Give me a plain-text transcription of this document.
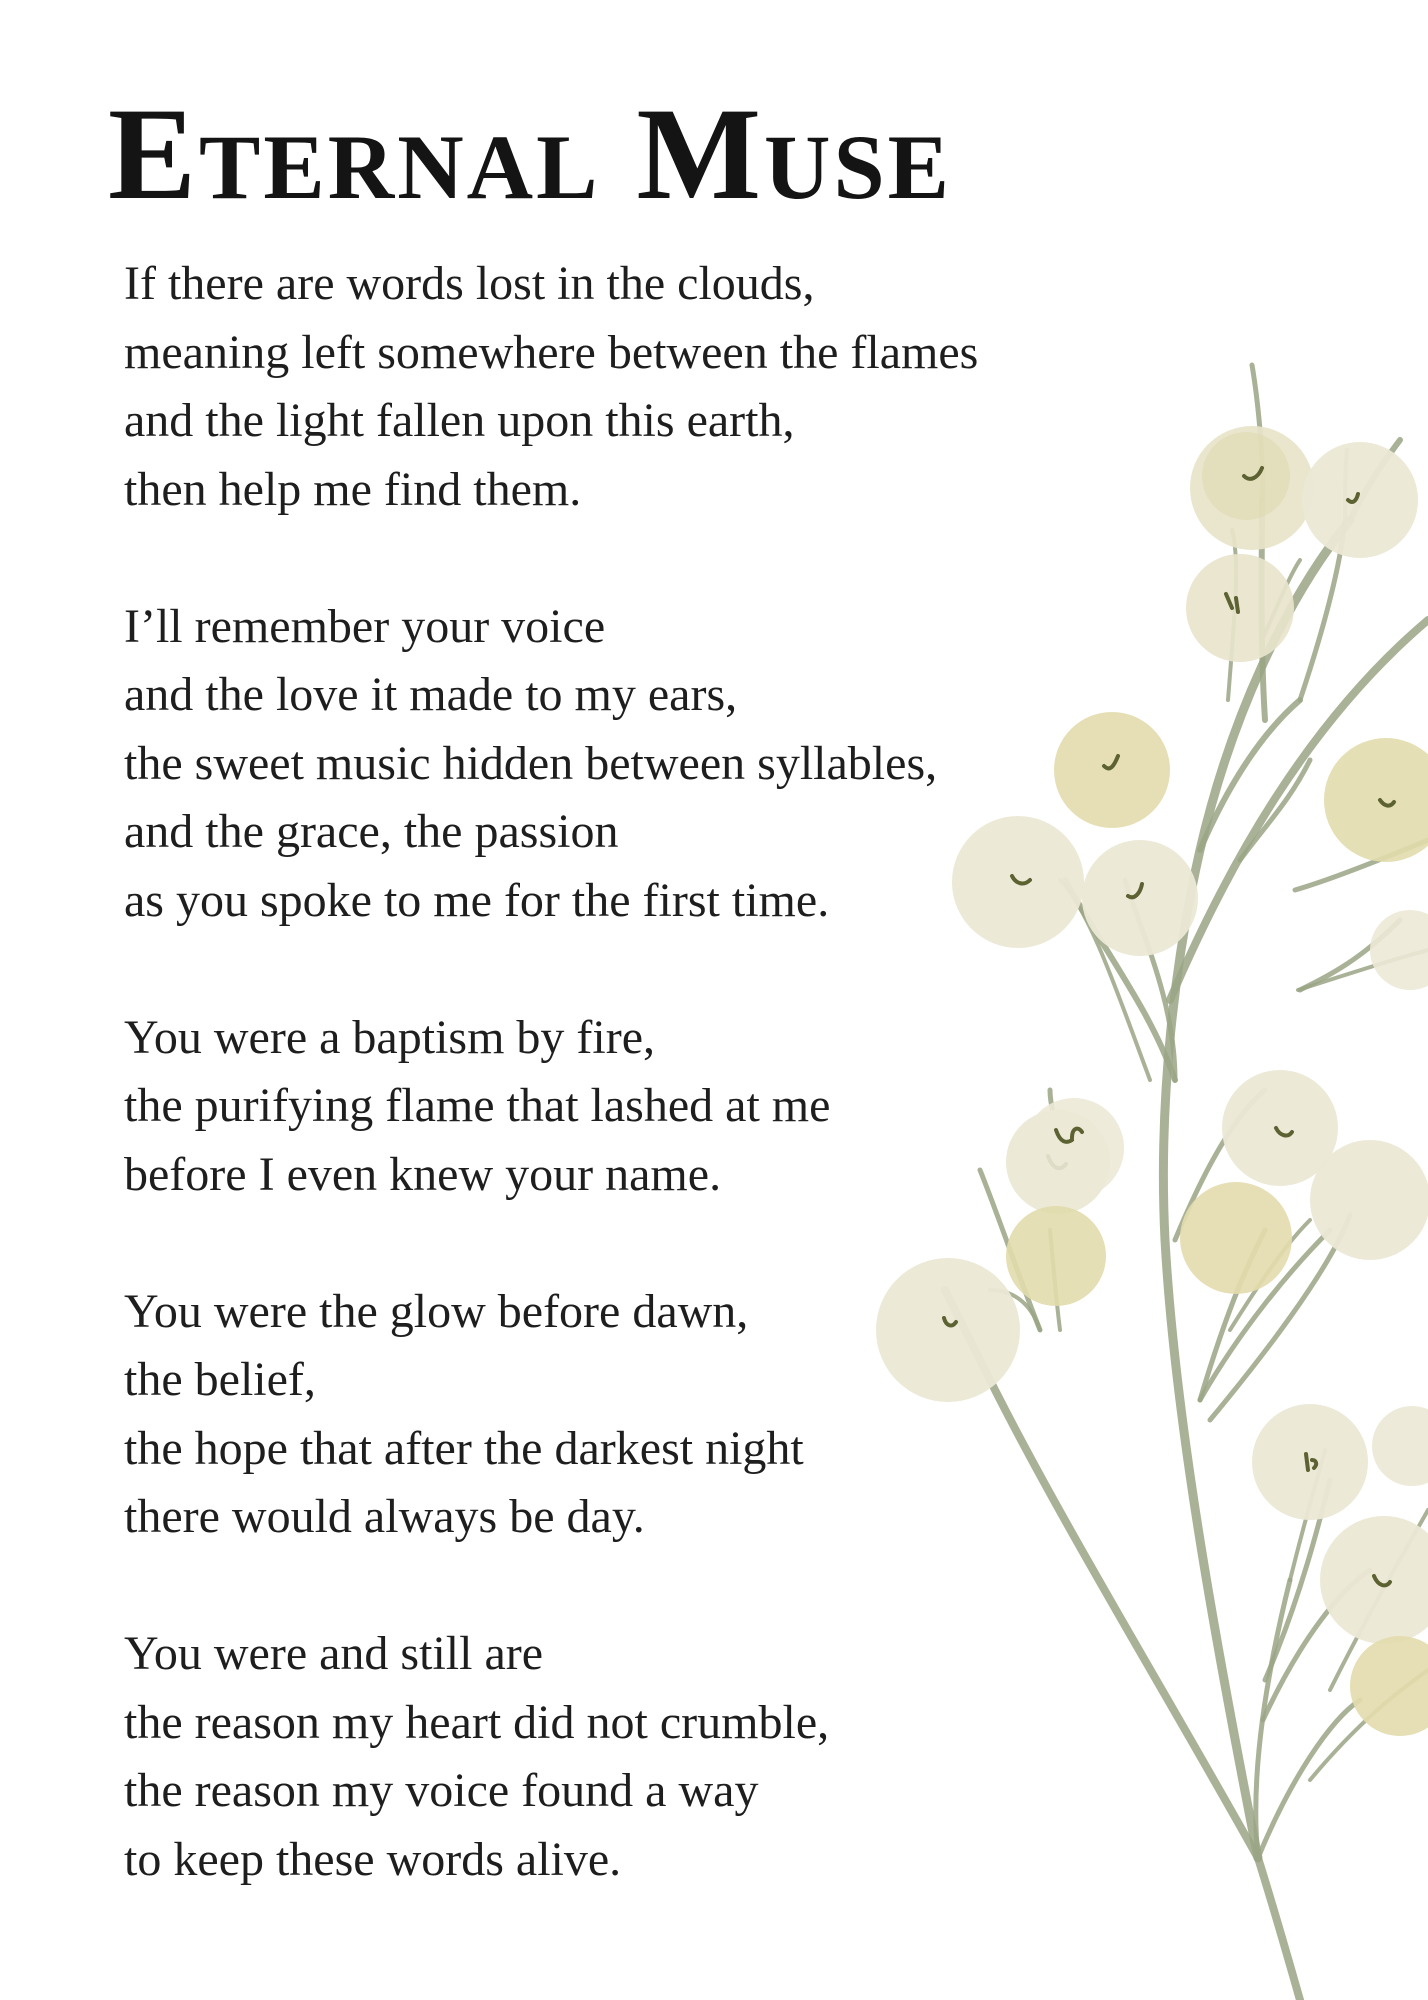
Eternal Muse

If there are words lost in the clouds,
meaning left somewhere between the flames
and the light fallen upon this earth,
then help me find them.

I’ll remember your voice
and the love it made to my ears,
the sweet music hidden between syllables,
and the grace, the passion
as you spoke to me for the first time.

You were a baptism by fire,
the purifying flame that lashed at me
before I even knew your name.

You were the glow before dawn,
the belief,
the hope that after the darkest night
there would always be day.

You were and still are
the reason my heart did not crumble,
the reason my voice found a way
to keep these words alive.
